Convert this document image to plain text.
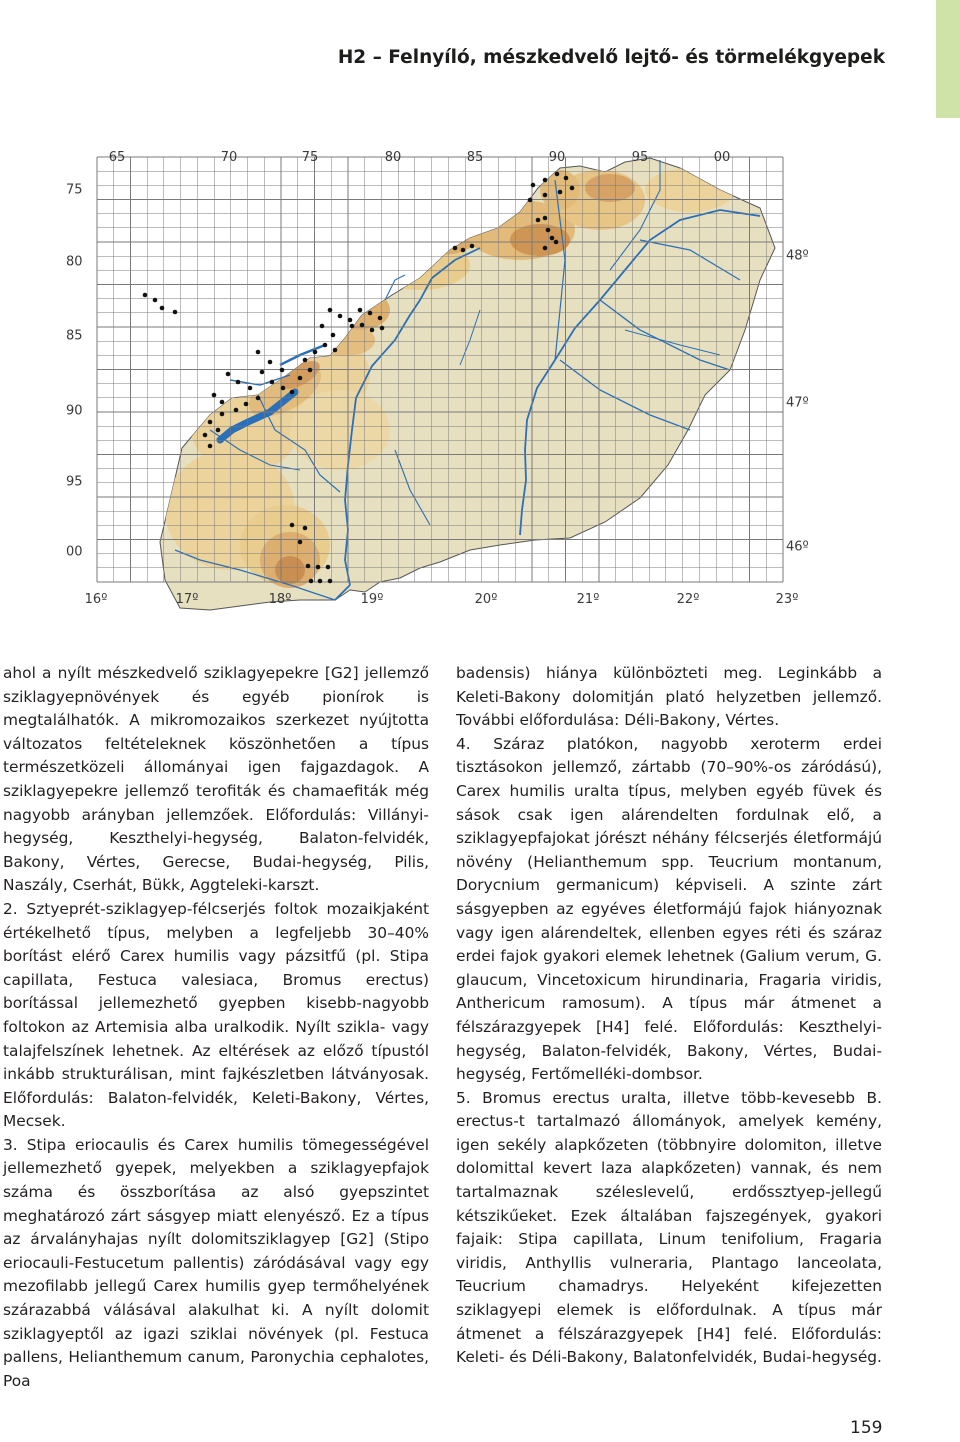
H2 – Felnyíló, mészkedvelő lejtő- és törmelékgyepek
65	70	75	80	85	90	95	00
75
80
85
90
95
00
48º
47º
46º
16º	17º	18º	19º	20º	21º	22º	23º

ahol a nyílt mészkedvelő sziklagyepekre [G2] jellemző sziklagyepnövények és egyéb pionírok is megtalálhatók. A mikromozaikos szerkezet nyújtotta változatos feltételeknek köszönhetően a típus természetközeli állományai igen fajgazdagok. A sziklagyepekre jellemző terofiták és chamaefiták még nagyobb arányban jellemzőek. Előfordulás: Villányi-hegység, Keszthelyi-hegység, Balaton-felvidék, Bakony, Vértes, Gerecse, Budai-hegység, Pilis, Naszály, Cserhát, Bükk, Aggteleki-karszt.

2. Sztyeprét-sziklagyep-félcserjés foltok mozaikjaként értékelhető típus, melyben a legfeljebb 30–40% borítást elérő Carex humilis vagy pázsitfű (pl. Stipa capillata, Festuca valesiaca, Bromus erectus) borítással jellemezhető gyepben kisebb-nagyobb foltokon az Artemisia alba uralkodik. Nyílt szikla- vagy talajfelszínek lehetnek. Az eltérések az előző típustól inkább strukturálisan, mint fajkészletben látványosak. Előfordulás: Balaton-felvidék, Keleti-Bakony, Vértes, Mecsek.

3. Stipa eriocaulis és Carex humilis tömegességével jellemezhető gyepek, melyekben a sziklagyepfajok száma és összborítása az alsó gyepszintet meghatározó zárt sásgyep miatt elenyésző. Ez a típus az árvalányhajas nyílt dolomitsziklagyep [G2] (Stipo eriocauli-Festucetum pallentis) záródásával vagy egy mezofilabb jellegű Carex humilis gyep termőhelyének szárazabbá válásával alakulhat ki. A nyílt dolomit sziklagyeptől az igazi sziklai növények (pl. Festuca pallens, Helianthemum canum, Paronychia cephalotes, Poa

badensis) hiánya különbözteti meg. Leginkább a Keleti-Bakony dolomitján plató helyzetben jellemző. További előfordulása: Déli-Bakony, Vértes.

4. Száraz platókon, nagyobb xeroterm erdei tisztásokon jellemző, zártabb (70–90%-os záródású), Carex humilis uralta típus, melyben egyéb füvek és sások csak igen alárendelten fordulnak elő, a sziklagyepfajokat jórészt néhány félcserjés életformájú növény (Helianthemum spp. Teucrium montanum, Dorycnium germanicum) képviseli. A szinte zárt sásgyepben az egyéves életformájú fajok hiányoznak vagy igen alárendeltek, ellenben egyes réti és száraz erdei fajok gyakori elemek lehetnek (Galium verum, G. glaucum, Vincetoxicum hirundinaria, Fragaria viridis, Anthericum ramosum). A típus már átmenet a félszárazgyepek [H4] felé. Előfordulás: Keszthelyi-hegység, Balaton-felvidék, Bakony, Vértes, Budai-hegység, Fertőmelléki-dombsor.

5. Bromus erectus uralta, illetve több-kevesebb B. erectus-t tartalmazó állományok, amelyek kemény, igen sekély alapkőzeten (többnyire dolomiton, illetve dolomittal kevert laza alapkőzeten) vannak, és nem tartalmaznak széleslevelű, erdőssztyep-jellegű kétszikűeket. Ezek általában fajszegények, gyakori fajaik: Stipa capillata, Linum tenifolium, Fragaria viridis, Anthyllis vulneraria, Plantago lanceolata, Teucrium chamadrys. Helyeként kifejezetten sziklagyepi elemek is előfordulnak. A típus már átmenet a félszárazgyepek [H4] felé. Előfordulás: Keleti- és Déli-Bakony, Balatonfelvidék, Budai-hegység.

159
